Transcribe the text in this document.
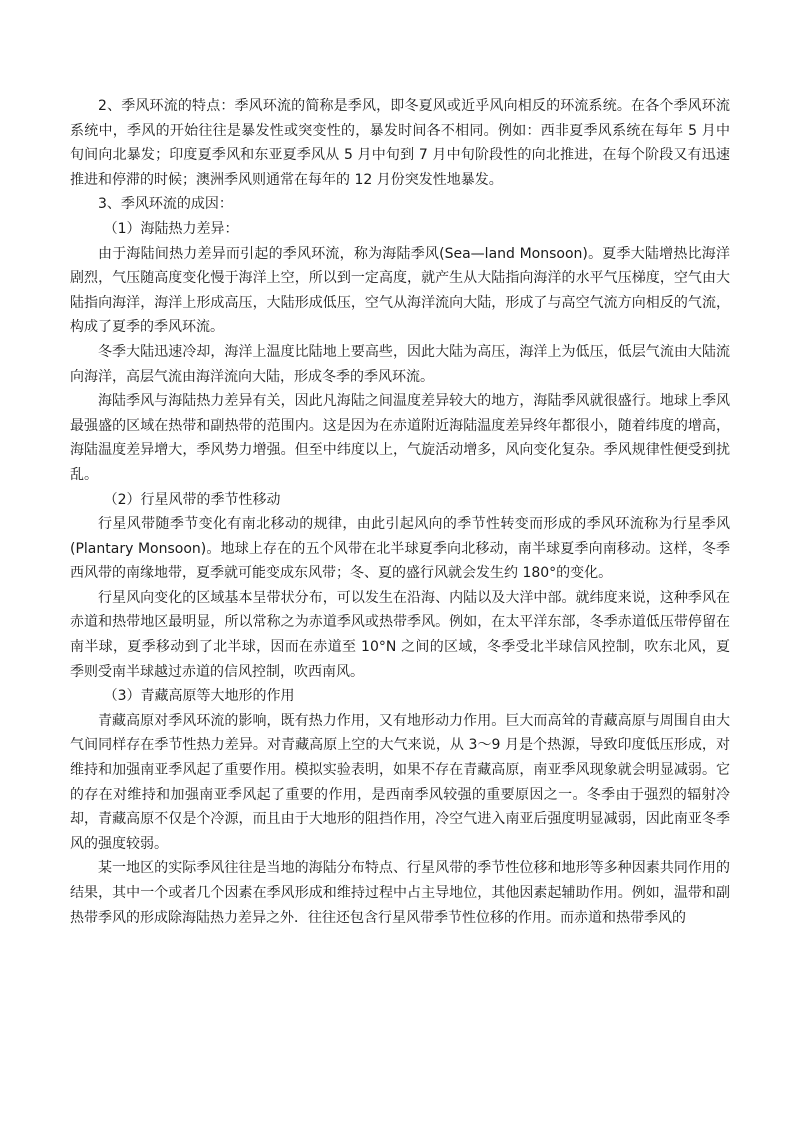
2、季风环流的特点：季风环流的简称是季风，即冬夏风或近乎风向相反的环流系统。在各个季风环流系统中，季风的开始往往是暴发性或突变性的，暴发时间各不相同。例如：西非夏季风系统在每年 5 月中旬间向北暴发；印度夏季风和东亚夏季风从 5 月中旬到 7 月中旬阶段性的向北推进，在每个阶段又有迅速推进和停滞的时候；澳洲季风则通常在每年的 12 月份突发性地暴发。

3、季风环流的成因：

（1）海陆热力差异：

由于海陆间热力差异而引起的季风环流，称为海陆季风(Sea—land Monsoon)。夏季大陆增热比海洋剧烈，气压随高度变化慢于海洋上空，所以到一定高度，就产生从大陆指向海洋的水平气压梯度，空气由大陆指向海洋，海洋上形成高压，大陆形成低压，空气从海洋流向大陆，形成了与高空气流方向相反的气流，构成了夏季的季风环流。

冬季大陆迅速冷却，海洋上温度比陆地上要高些，因此大陆为高压，海洋上为低压，低层气流由大陆流向海洋，高层气流由海洋流向大陆，形成冬季的季风环流。

海陆季风与海陆热力差异有关，因此凡海陆之间温度差异较大的地方，海陆季风就很盛行。地球上季风最强盛的区域在热带和副热带的范围内。这是因为在赤道附近海陆温度差异终年都很小，随着纬度的增高，海陆温度差异增大，季风势力增强。但至中纬度以上，气旋活动增多，风向变化复杂。季风规律性便受到扰乱。

（2）行星风带的季节性移动

行星风带随季节变化有南北移动的规律，由此引起风向的季节性转变而形成的季风环流称为行星季风(Plantary Monsoon)。地球上存在的五个风带在北半球夏季向北移动，南半球夏季向南移动。这样，冬季西风带的南缘地带，夏季就可能变成东风带；冬、夏的盛行风就会发生约 180°的变化。

行星风向变化的区域基本呈带状分布，可以发生在沿海、内陆以及大洋中部。就纬度来说，这种季风在赤道和热带地区最明显，所以常称之为赤道季风或热带季风。例如，在太平洋东部，冬季赤道低压带停留在南半球，夏季移动到了北半球，因而在赤道至 10°N 之间的区域，冬季受北半球信风控制，吹东北风，夏季则受南半球越过赤道的信风控制，吹西南风。

（3）青藏高原等大地形的作用

青藏高原对季风环流的影响，既有热力作用，又有地形动力作用。巨大而高耸的青藏高原与周围自由大气间同样存在季节性热力差异。对青藏高原上空的大气来说，从 3～9 月是个热源，导致印度低压形成，对维持和加强南亚季风起了重要作用。模拟实验表明，如果不存在青藏高原，南亚季风现象就会明显减弱。它的存在对维持和加强南亚季风起了重要的作用，是西南季风较强的重要原因之一。冬季由于强烈的辐射冷却，青藏高原不仅是个冷源，而且由于大地形的阻挡作用，冷空气进入南亚后强度明显减弱，因此南亚冬季风的强度较弱。

某一地区的实际季风往往是当地的海陆分布特点、行星风带的季节性位移和地形等多种因素共同作用的结果，其中一个或者几个因素在季风形成和维持过程中占主导地位，其他因素起辅助作用。例如，温带和副热带季风的形成除海陆热力差异之外．往往还包含行星风带季节性位移的作用。而赤道和热带季风的
